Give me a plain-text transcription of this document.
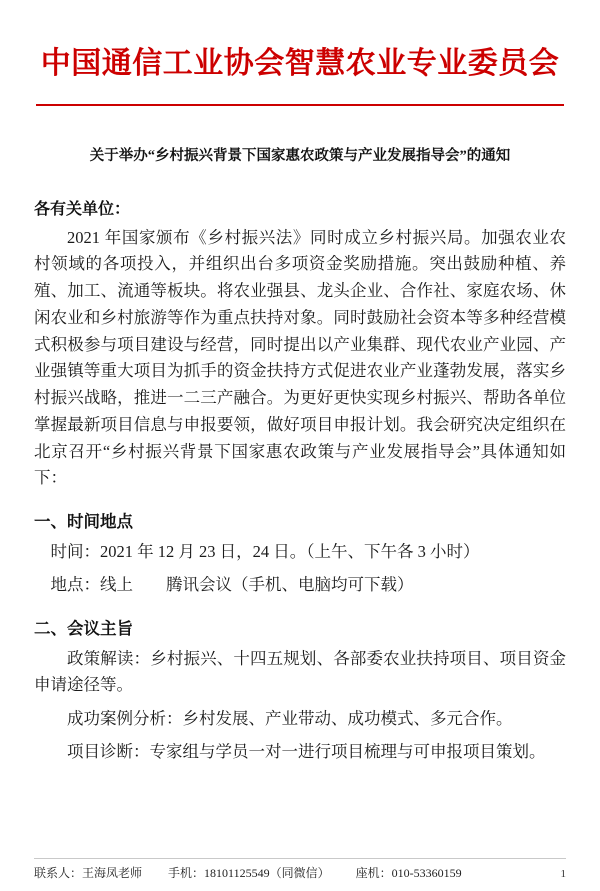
中国通信工业协会智慧农业专业委员会
关于举办“乡村振兴背景下国家惠农政策与产业发展指导会”的通知
各有关单位：
2021 年国家颁布《乡村振兴法》同时成立乡村振兴局。加强农业农村领域的各项投入，并组织出台多项资金奖励措施。突出鼓励种植、养殖、加工、流通等板块。将农业强县、龙头企业、合作社、家庭农场、休闲农业和乡村旅游等作为重点扶持对象。同时鼓励社会资本等多种经营模式积极参与项目建设与经营，同时提出以产业集群、现代农业产业园、产业强镇等重大项目为抓手的资金扶持方式促进农业产业蓬勃发展，落实乡村振兴战略，推进一二三产融合。为更好更快实现乡村振兴、帮助各单位掌握最新项目信息与申报要领，做好项目申报计划。我会研究决定组织在北京召开“乡村振兴背景下国家惠农政策与产业发展指导会”具体通知如下：
一、时间地点
时间：2021 年 12 月 23 日，24 日。（上午、下午各 3 小时）
地点：线上　　腾讯会议（手机、电脑均可下载）
二、会议主旨
政策解读：乡村振兴、十四五规划、各部委农业扶持项目、项目资金申请途径等。
成功案例分析：乡村发展、产业带动、成功模式、多元合作。
项目诊断：专家组与学员一对一进行项目梳理与可申报项目策划。
联系人：王海凤老师 手机：18101125549（同微信） 座机：010-53360159	1
